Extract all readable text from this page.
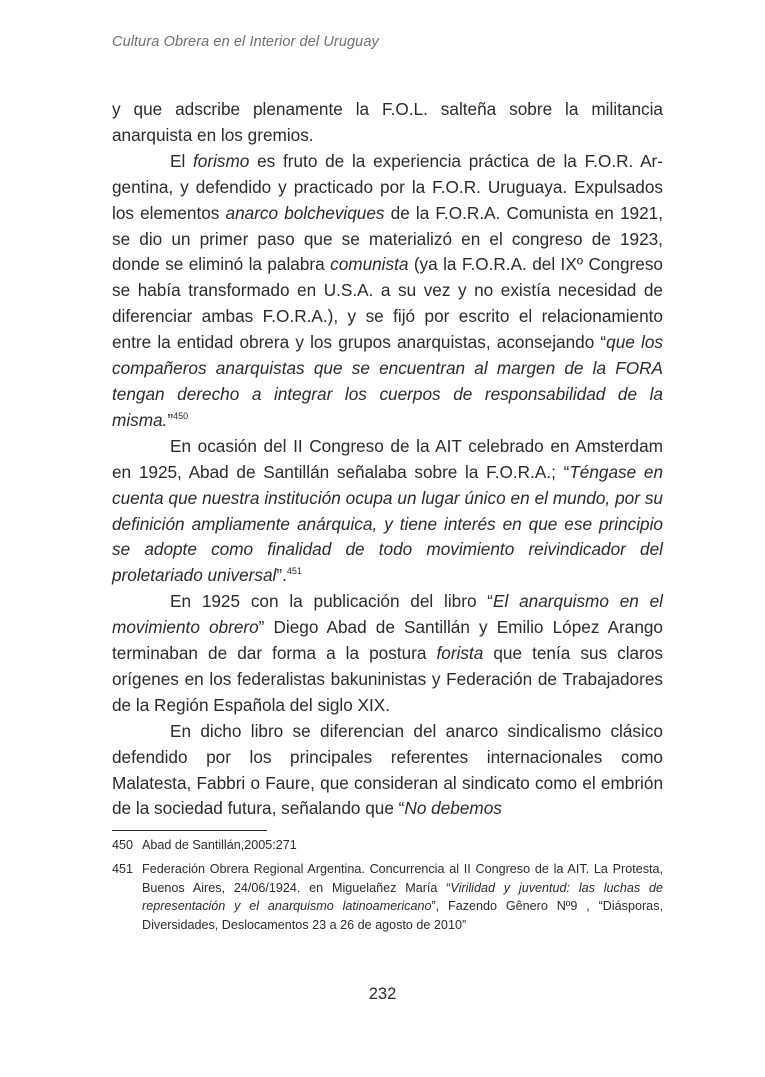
Cultura Obrera en el Interior del Uruguay

y que adscribe plenamente la F.O.L. salteña sobre la militancia anarquista en los gremios.

El forismo es fruto de la experiencia práctica de la F.O.R. Argentina, y defendido y practicado por la F.O.R. Uruguaya. Expulsados los elementos anarco bolcheviques de la F.O.R.A. Comunista en 1921, se dio un primer paso que se materializó en el congreso de 1923, donde se eliminó la palabra comunista (ya la F.O.R.A. del IXº Congreso se había transformado en U.S.A. a su vez y no existía necesidad de diferenciar ambas F.O.R.A.), y se fijó por escrito el relacionamiento entre la entidad obrera y los grupos anarquistas, aconsejando “que los compañeros anarquistas que se encuentran al margen de la FORA tengan derecho a integrar los cuerpos de responsabilidad de la misma.”$^{450}$

En ocasión del II Congreso de la AIT celebrado en Amsterdam en 1925, Abad de Santillán señalaba sobre la F.O.R.A.; “Téngase en cuenta que nuestra institución ocupa un lugar único en el mundo, por su definición ampliamente anárquica, y tiene interés en que ese principio se adopte como finalidad de todo movimiento reivindicador del proletariado universal”.$^{451}$

En 1925 con la publicación del libro “El anarquismo en el movimiento obrero” Diego Abad de Santillán y Emilio López Arango terminaban de dar forma a la postura forista que tenía sus claros orígenes en los federalistas bakuninistas y Federación de Trabajadores de la Región Española del siglo XIX.

En dicho libro se diferencian del anarco sindicalismo clásico defendido por los principales referentes internacionales como Malatesta, Fabbri o Faure, que consideran al sindicato como el embrión de la sociedad futura, señalando que “No debemos

450 Abad de Santillán,2005:271
451 Federación Obrera Regional Argentina. Concurrencia al II Congreso de la AIT. La Protesta, Buenos Aires, 24/06/1924. en Miguelañez María “Virilidad y juventud: las luchas de representación y el anarquismo latinoamericano”, Fazendo Gênero Nº9 , “Diásporas, Diversidades, Deslocamentos 23 a 26 de agosto de 2010”
232
